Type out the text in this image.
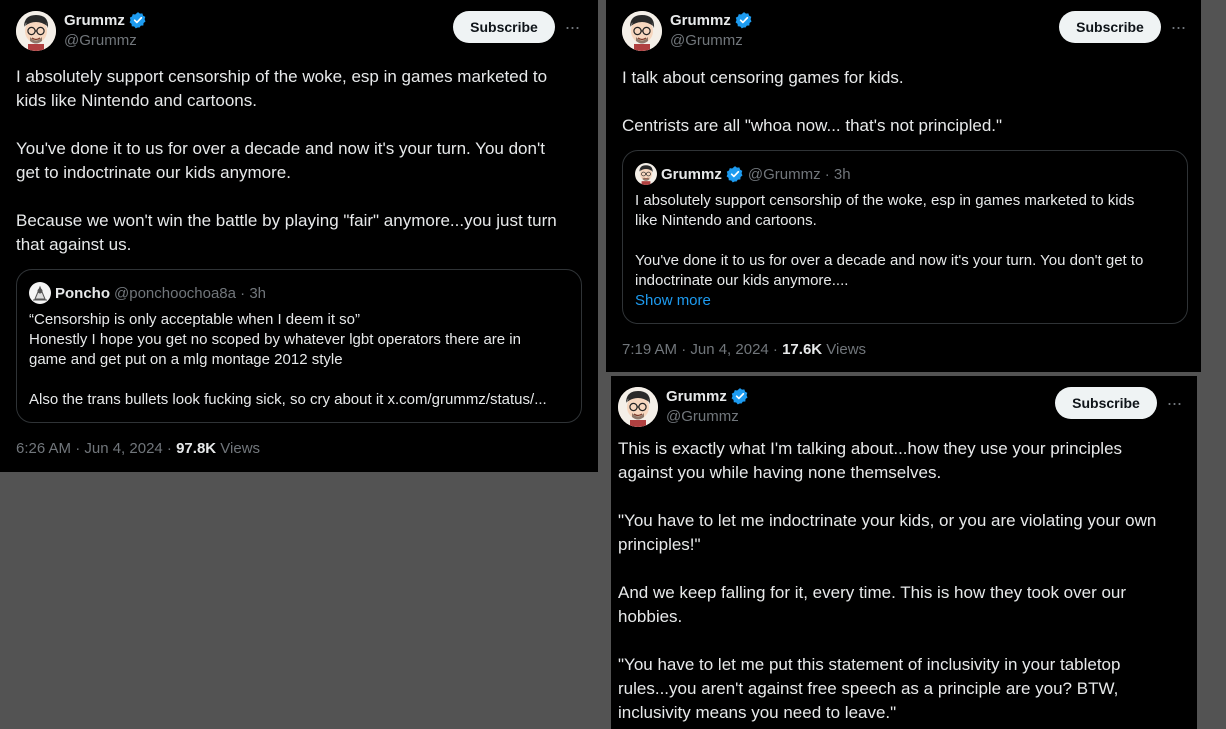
Grummz
@Grummz
Subscribe	···
I absolutely support censorship of the woke, esp in games marketed to
kids like Nintendo and cartoons.

You've done it to us for over a decade and now it's your turn. You don't
get to indoctrinate our kids anymore.

Because we won't win the battle by playing "fair" anymore...you just turn
that against us.
Poncho @ponchoochoa8a · 3h
“Censorship is only acceptable when I deem it so”
Honestly I hope you get no scoped by whatever lgbt operators there are in
game and get put on a mlg montage 2012 style

Also the trans bullets look fucking sick, so cry about it x.com/grummz/status/...
6:26 AM · Jun 4, 2024 · 97.8K Views
Grummz
@Grummz
Subscribe	···
I talk about censoring games for kids.

Centrists are all "whoa now... that's not principled."
Grummz @Grummz · 3h
I absolutely support censorship of the woke, esp in games marketed to kids
like Nintendo and cartoons.

You've done it to us for over a decade and now it's your turn. You don't get to
indoctrinate our kids anymore....
Show more
7:19 AM · Jun 4, 2024 · 17.6K Views
Grummz
@Grummz
Subscribe	···
This is exactly what I'm talking about...how they use your principles
against you while having none themselves.

"You have to let me indoctrinate your kids, or you are violating your own
principles!"

And we keep falling for it, every time. This is how they took over our
hobbies.

"You have to let me put this statement of inclusivity in your tabletop
rules...you aren't against free speech as a principle are you? BTW,
inclusivity means you need to leave."
